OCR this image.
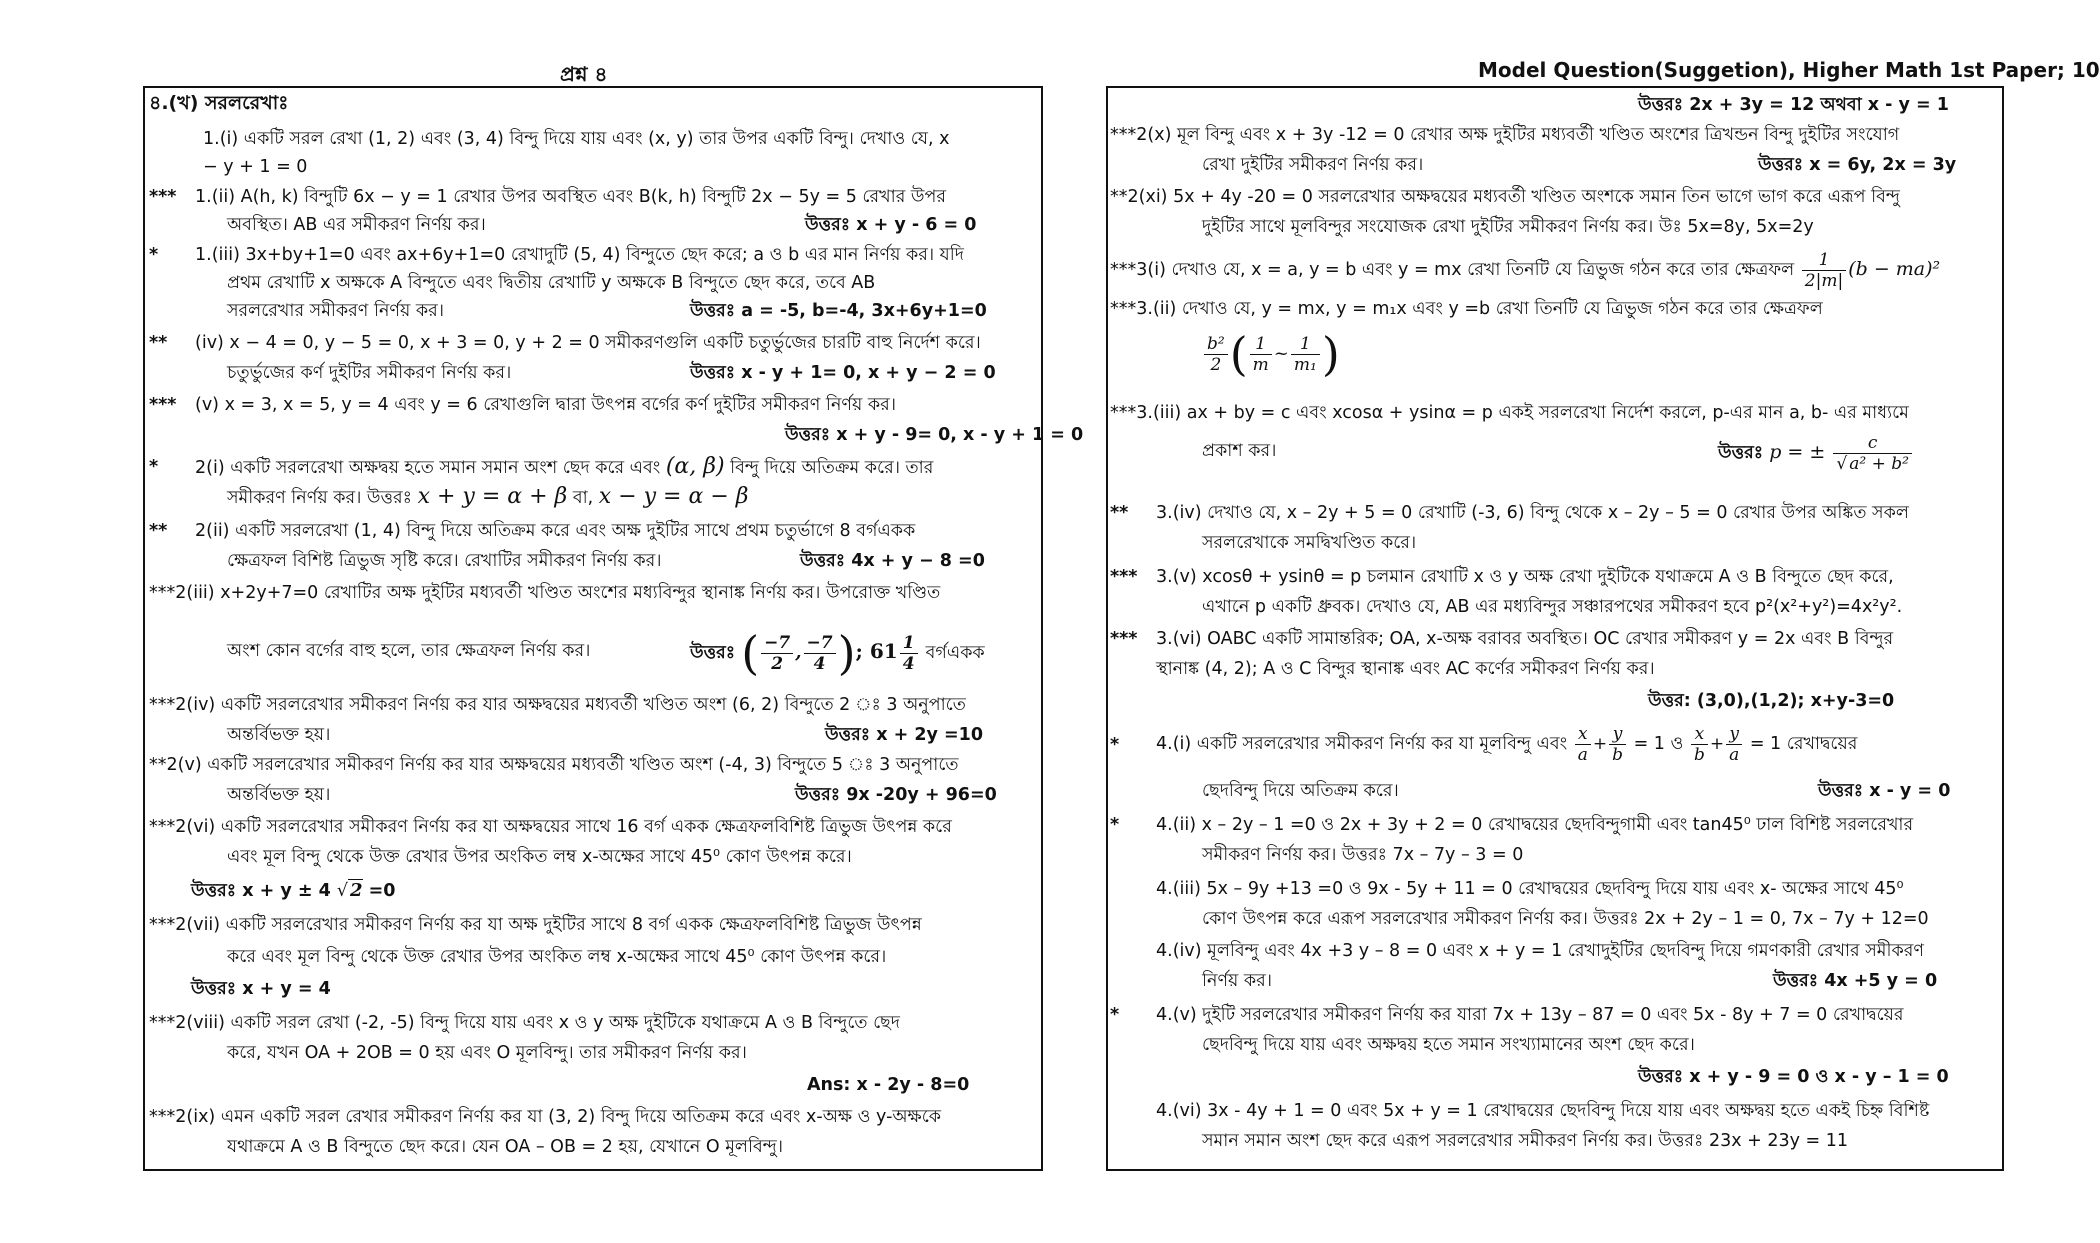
প্রশ্ন ৪	Model Question(Suggetion), Higher Math 1st Paper; 10
৪.(খ) সরলরেখাঃ
1.(i) একটি সরল রেখা (1, 2) এবং (3, 4) বিন্দু দিয়ে যায় এবং (x, y) তার উপর একটি বিন্দু। দেখাও যে, x
− y + 1 = 0
*** 1.(ii) A(h, k) বিন্দুটি 6x − y = 1 রেখার উপর অবস্থিত এবং B(k, h) বিন্দুটি 2x − 5y = 5 রেখার উপর
অবস্থিত। AB এর সমীকরণ নির্ণয় কর।	উত্তরঃ x + y - 6 = 0
* 1.(iii) 3x+by+1=0 এবং ax+6y+1=0 রেখাদুটি (5, 4) বিন্দুতে ছেদ করে; a ও b এর মান নির্ণয় কর। যদি
প্রথম রেখাটি x অক্ষকে A বিন্দুতে এবং দ্বিতীয় রেখাটি y অক্ষকে B বিন্দুতে ছেদ করে, তবে AB
সরলরেখার সমীকরণ নির্ণয় কর।	উত্তরঃ a = -5, b=-4, 3x+6y+1=0
** (iv) x − 4 = 0, y − 5 = 0, x + 3 = 0, y + 2 = 0 সমীকরণগুলি একটি চতুর্ভুজের চারটি বাহু নির্দেশ করে।
চতুর্ভুজের কর্ণ দুইটির সমীকরণ নির্ণয় কর।	উত্তরঃ x - y + 1= 0, x + y − 2 = 0
*** (v) x = 3, x = 5, y = 4 এবং y = 6 রেখাগুলি দ্বারা উৎপন্ন বর্গের কর্ণ দুইটির সমীকরণ নির্ণয় কর।
উত্তরঃ x + y - 9= 0, x - y + 1 = 0
* 2(i) একটি সরলরেখা অক্ষদ্বয় হতে সমান সমান অংশ ছেদ করে এবং (α, β) বিন্দু দিয়ে অতিক্রম করে। তার
সমীকরণ নির্ণয় কর। উত্তরঃ x + y = α + β বা, x − y = α − β
** 2(ii) একটি সরলরেখা (1, 4) বিন্দু দিয়ে অতিক্রম করে এবং অক্ষ দুইটির সাথে প্রথম চতুর্ভাগে 8 বর্গএকক
ক্ষেত্রফল বিশিষ্ট ত্রিভুজ সৃষ্টি করে। রেখাটির সমীকরণ নির্ণয় কর।	উত্তরঃ 4x + y − 8 =0
***2(iii) x+2y+7=0 রেখাটির অক্ষ দুইটির মধ্যবর্তী খণ্ডিত অংশের মধ্যবিন্দুর স্থানাঙ্ক নির্ণয় কর। উপরোক্ত খণ্ডিত
অংশ কোন বর্গের বাহু হলে, তার ক্ষেত্রফল নির্ণয় কর।	উত্তরঃ ( $\frac{-7}{2}$ , $\frac{-7}{4}$ ); $61 \frac{1}{4}$ বর্গএকক
***2(iv) একটি সরলরেখার সমীকরণ নির্ণয় কর যার অক্ষদ্বয়ের মধ্যবর্তী খণ্ডিত অংশ (6, 2) বিন্দুতে 2 ঃ 3 অনুপাতে
অন্তর্বিভক্ত হয়।	উত্তরঃ x + 2y =10
**2(v) একটি সরলরেখার সমীকরণ নির্ণয় কর যার অক্ষদ্বয়ের মধ্যবর্তী খণ্ডিত অংশ (-4, 3) বিন্দুতে 5 ঃ 3 অনুপাতে
অন্তর্বিভক্ত হয়।	উত্তরঃ 9x -20y + 96=0
***2(vi) একটি সরলরেখার সমীকরণ নির্ণয় কর যা অক্ষদ্বয়ের সাথে 16 বর্গ একক ক্ষেত্রফলবিশিষ্ট ত্রিভুজ উৎপন্ন করে
এবং মূল বিন্দু থেকে উক্ত রেখার উপর অংকিত লম্ব x-অক্ষের সাথে 45⁰ কোণ উৎপন্ন করে।
উত্তরঃ x + y ± 4 √ 2 =0
***2(vii) একটি সরলরেখার সমীকরণ নির্ণয় কর যা অক্ষ দুইটির সাথে 8 বর্গ একক ক্ষেত্রফলবিশিষ্ট ত্রিভুজ উৎপন্ন
করে এবং মূল বিন্দু থেকে উক্ত রেখার উপর অংকিত লম্ব x-অক্ষের সাথে 45⁰ কোণ উৎপন্ন করে।
উত্তরঃ x + y = 4
***2(viii) একটি সরল রেখা (-2, -5) বিন্দু দিয়ে যায় এবং x ও y অক্ষ দুইটিকে যথাক্রমে A ও B বিন্দুতে ছেদ
করে, যখন OA + 2OB = 0 হয় এবং O মূলবিন্দু। তার সমীকরণ নির্ণয় কর।
Ans: x - 2y - 8=0
***2(ix) এমন একটি সরল রেখার সমীকরণ নির্ণয় কর যা (3, 2) বিন্দু দিয়ে অতিক্রম করে এবং x-অক্ষ ও y-অক্ষকে
যথাক্রমে A ও B বিন্দুতে ছেদ করে। যেন OA – OB = 2 হয়, যেখানে O মূলবিন্দু।
উত্তরঃ 2x + 3y = 12 অথবা x - y = 1
***2(x) মূল বিন্দু এবং x + 3y -12 = 0 রেখার অক্ষ দুইটির মধ্যবর্তী খণ্ডিত অংশের ত্রিখন্ডন বিন্দু দুইটির সংযোগ
রেখা দুইটির সমীকরণ নির্ণয় কর।	উত্তরঃ x = 6y, 2x = 3y
**2(xi) 5x + 4y -20 = 0 সরলরেখার অক্ষদ্বয়ের মধ্যবর্তী খণ্ডিত অংশকে সমান তিন ভাগে ভাগ করে এরূপ বিন্দু
দুইটির সাথে মূলবিন্দুর সংযোজক রেখা দুইটির সমীকরণ নির্ণয় কর। উঃ 5x=8y, 5x=2y
***3(i) দেখাও যে, x = a, y = b এবং y = mx রেখা তিনটি যে ত্রিভুজ গঠন করে তার ক্ষেত্রফল $\frac{1}{2|m|} (b - ma)^2$
***3.(ii) দেখাও যে, y = mx, y = m₁x এবং y =b রেখা তিনটি যে ত্রিভুজ গঠন করে তার ক্ষেত্রফল
$\frac{\text{b²}}{2}$ ( $\frac{1}{m}$ ~ $\frac{1}{\text{m₁}}$ )
***3.(iii) ax + by = c এবং xcosα + ysinα = p একই সরলরেখা নির্দেশ করলে, p-এর মান a, b- এর মাধ্যমে
প্রকাশ কর।	উত্তরঃ p = ± $\frac{c}{\text{√ a² + b²}}$
** 3.(iv) দেখাও যে, x – 2y + 5 = 0 রেখাটি (-3, 6) বিন্দু থেকে x – 2y – 5 = 0 রেখার উপর অঙ্কিত সকল
সরলরেখাকে সমদ্বিখণ্ডিত করে।
*** 3.(v) xcosθ + ysinθ = p চলমান রেখাটি x ও y অক্ষ রেখা দুইটিকে যথাক্রমে A ও B বিন্দুতে ছেদ করে,
এখানে p একটি ধ্রুবক। দেখাও যে, AB এর মধ্যবিন্দুর সঞ্চারপথের সমীকরণ হবে p²(x²+y²)=4x²y².
*** 3.(vi) OABC একটি সামান্তরিক; OA, x-অক্ষ বরাবর অবস্থিত। OC রেখার সমীকরণ y = 2x এবং B বিন্দুর
স্থানাঙ্ক (4, 2); A ও C বিন্দুর স্থানাঙ্ক এবং AC কর্ণের সমীকরণ নির্ণয় কর।
উত্তর: (3,0),(1,2); x+y-3=0
* 4.(i) একটি সরলরেখার সমীকরণ নির্ণয় কর যা মূলবিন্দু এবং $\frac{x}{a} + \frac{y}{b} = 1$ ও $\frac{x}{b} + \frac{y}{a} = 1$ রেখাদ্বয়ের
ছেদবিন্দু দিয়ে অতিক্রম করে।	উত্তরঃ x - y = 0
* 4.(ii) x – 2y – 1 =0 ও 2x + 3y + 2 = 0 রেখাদ্বয়ের ছেদবিন্দুগামী এবং tan45⁰ ঢাল বিশিষ্ট সরলরেখার
সমীকরণ নির্ণয় কর। উত্তরঃ 7x – 7y – 3 = 0
4.(iii) 5x – 9y +13 =0 ও 9x - 5y + 11 = 0 রেখাদ্বয়ের ছেদবিন্দু দিয়ে যায় এবং x- অক্ষের সাথে 45⁰
কোণ উৎপন্ন করে এরূপ সরলরেখার সমীকরণ নির্ণয় কর। উত্তরঃ 2x + 2y – 1 = 0, 7x – 7y + 12=0
4.(iv) মূলবিন্দু এবং 4x +3 y – 8 = 0 এবং x + y = 1 রেখাদুইটির ছেদবিন্দু দিয়ে গমণকারী রেখার সমীকরণ
নির্ণয় কর।	উত্তরঃ 4x +5 y = 0
* 4.(v) দুইটি সরলরেখার সমীকরণ নির্ণয় কর যারা 7x + 13y – 87 = 0 এবং 5x - 8y + 7 = 0 রেখাদ্বয়ের
ছেদবিন্দু দিয়ে যায় এবং অক্ষদ্বয় হতে সমান সংখ্যামানের অংশ ছেদ করে।
উত্তরঃ x + y - 9 = 0 ও x - y – 1 = 0
4.(vi) 3x - 4y + 1 = 0 এবং 5x + y = 1 রেখাদ্বয়ের ছেদবিন্দু দিয়ে যায় এবং অক্ষদ্বয় হতে একই চিহ্ন বিশিষ্ট
সমান সমান অংশ ছেদ করে এরূপ সরলরেখার সমীকরণ নির্ণয় কর। উত্তরঃ 23x + 23y = 11
